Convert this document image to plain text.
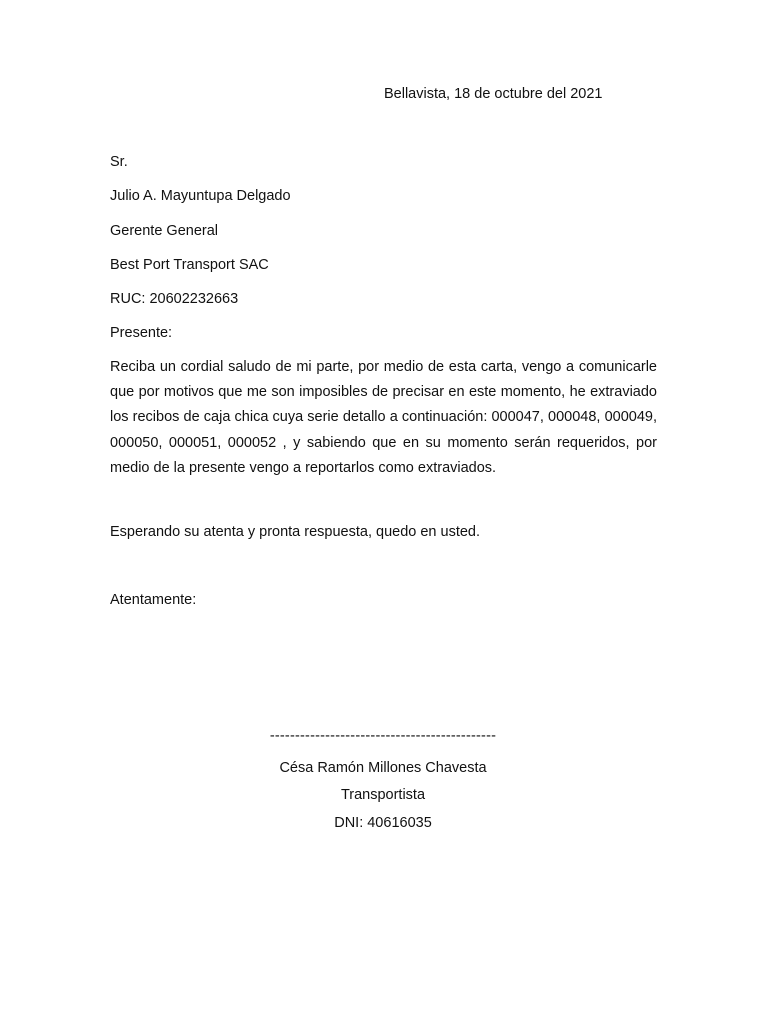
Bellavista, 18 de octubre del 2021
Sr.
Julio A. Mayuntupa Delgado
Gerente General
Best Port Transport SAC
RUC: 20602232663
Presente:

Reciba un cordial saludo de mi parte, por medio de esta carta, vengo a comunicarle que por motivos que me son imposibles de precisar en este momento, he extraviado los recibos de caja chica cuya serie detallo a continuación: 000047, 000048, 000049, 000050, 000051, 000052 , y sabiendo que en su momento serán requeridos, por medio de la presente vengo a reportarlos como extraviados.

Esperando su atenta y pronta respuesta, quedo en usted.
Atentamente:
---------------------------------------------
Césa Ramón Millones Chavesta
Transportista
DNI: 40616035
